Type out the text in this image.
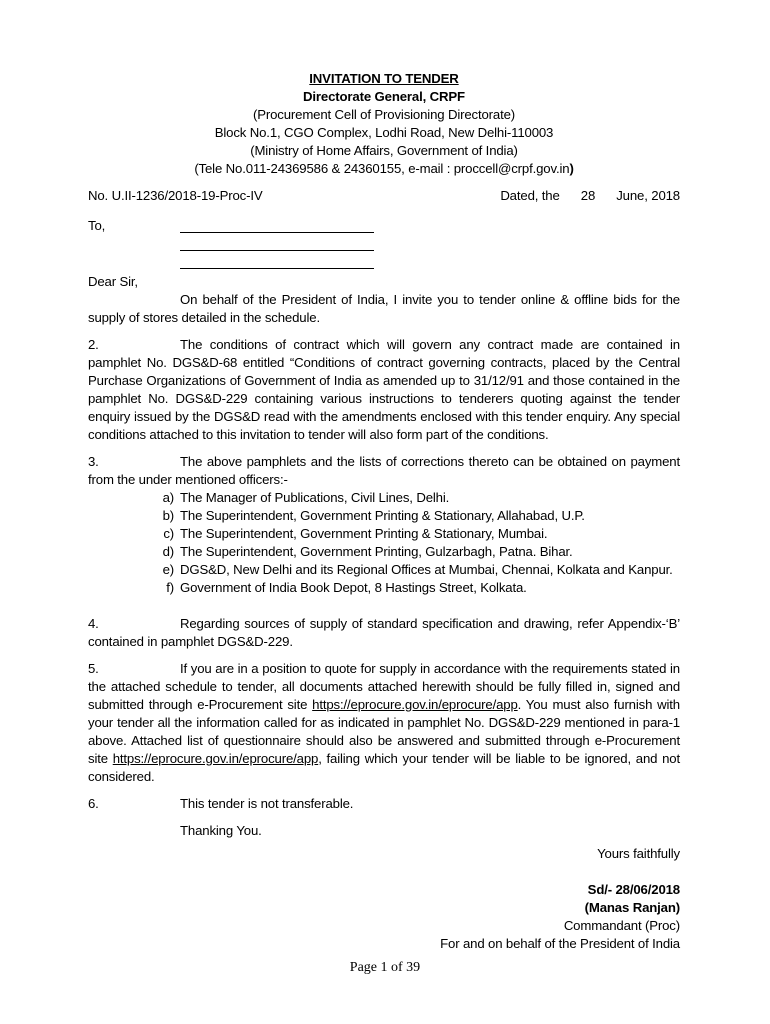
INVITATION TO TENDER
Directorate General, CRPF
(Procurement Cell of Provisioning Directorate)
Block No.1, CGO Complex, Lodhi Road, New Delhi-110003
(Ministry of Home Affairs, Government of India)
(Tele No.011-24369586 & 24360155, e-mail : proccell@crpf.gov.in)
No. U.II-1236/2018-19-Proc-IV	Dated, the 28 June, 2018
To,
Dear Sir,

On behalf of the President of India, I invite you to tender online & offline bids for the supply of stores detailed in the schedule.

2.	The conditions of contract which will govern any contract made are contained in pamphlet No. DGS&D-68 entitled “Conditions of contract governing contracts, placed by the Central Purchase Organizations of Government of India as amended up to 31/12/91 and those contained in the pamphlet No. DGS&D-229 containing various instructions to tenderers quoting against the tender enquiry issued by the DGS&D read with the amendments enclosed with this tender enquiry. Any special conditions attached to this invitation to tender will also form part of the conditions.

3.	The above pamphlets and the lists of corrections thereto can be obtained on payment from the under mentioned officers:-

a) The Manager of Publications, Civil Lines, Delhi.
b) The Superintendent, Government Printing & Stationary, Allahabad, U.P.
c) The Superintendent, Government Printing & Stationary, Mumbai.
d) The Superintendent, Government Printing, Gulzarbagh, Patna. Bihar.
e) DGS&D, New Delhi and its Regional Offices at Mumbai, Chennai, Kolkata and Kanpur.
f) Government of India Book Depot, 8 Hastings Street, Kolkata.

4.	Regarding sources of supply of standard specification and drawing, refer Appendix-‘B’ contained in pamphlet DGS&D-229.

5.	If you are in a position to quote for supply in accordance with the requirements stated in the attached schedule to tender, all documents attached herewith should be fully filled in, signed and submitted through e-Procurement site https://eprocure.gov.in/eprocure/app. You must also furnish with your tender all the information called for as indicated in pamphlet No. DGS&D-229 mentioned in para-1 above. Attached list of questionnaire should also be answered and submitted through e-Procurement site https://eprocure.gov.in/eprocure/app, failing which your tender will be liable to be ignored, and not considered.

6.	This tender is not transferable.

Thanking You.
Yours faithfully
Sd/- 28/06/2018
(Manas Ranjan)
Commandant (Proc)
For and on behalf of the President of India
Page 1 of 39
